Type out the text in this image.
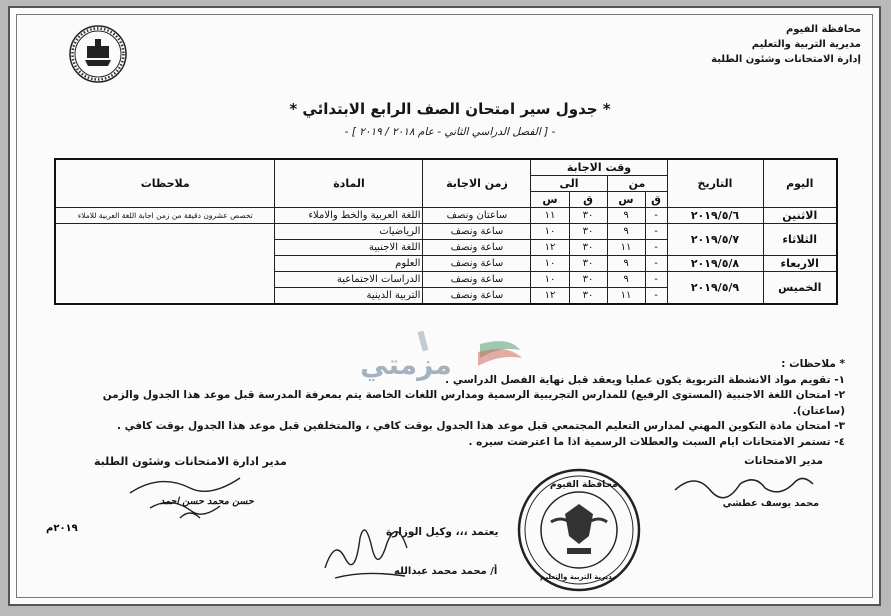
محافظة الفيوم
مديرية التربية والتعليم
إدارة الامتحانات وشئون الطلبة
* جدول سير امتحان الصف الرابع الابتدائي *
- [ الفصل الدراسي الثاني - عام ٢٠١٨ / ٢٠١٩ ] -
اليوم	التاريخ	وقت الاجابة				زمن الاجابة	المادة	ملاحظات
		من		الى				
		ق	س	ق	س			
الاثنين	٢٠١٩/٥/٦	-	٩	٣٠	١١	ساعتان ونصف	اللغة العربية والخط والاملاء	تخصص عشرون دقيقة من زمن اجابة اللغة العربية للاملاء
الثلاثاء	٢٠١٩/٥/٧	-	٩	٣٠	١٠	ساعة ونصف	الرياضيات	
		-	١١	٣٠	١٢	ساعة ونصف	اللغة الاجنبية	
الاربعاء	٢٠١٩/٥/٨	-	٩	٣٠	١٠	ساعة ونصف	العلوم	
الخميس	٢٠١٩/٥/٩	-	٩	٣٠	١٠	ساعة ونصف	الدراسات الاجتماعية	
		-	١١	٣٠	١٢	ساعة ونصف	التربية الدينية	
مزمتي	* ملاحظات :
١- تقويم مواد الانشطة التربوية يكون عمليا ويعقد قبل نهاية الفصل الدراسي .
٢- امتحان اللغة الاجنبية (المستوى الرفيع) للمدارس التجريبية الرسمية ومدارس اللغات الخاصة يتم بمعرفة المدرسة قبل موعد هذا الجدول والزمن (ساعتان).
٣- امتحان مادة التكوين المهني لمدارس التعليم المجتمعي قبل موعد هذا الجدول بوقت كافي ، والمتخلفين قبل موعد هذا الجدول بوقت كافي .
٤- تستمر الامتحانات ايام السبت والعطلات الرسمية اذا ما اعترضت سيره .
مدير الامتحانات
محمد يوسف عطشي
مدير ادارة الامتحانات وشئون الطلبة
حسن محمد حسن احمد
٢٠١٩م	يعتمد ،،، وكيل الوزارة
أ/ محمد محمد عبدالله
محافظة الفيوم
مديرية التربية والتعليم
